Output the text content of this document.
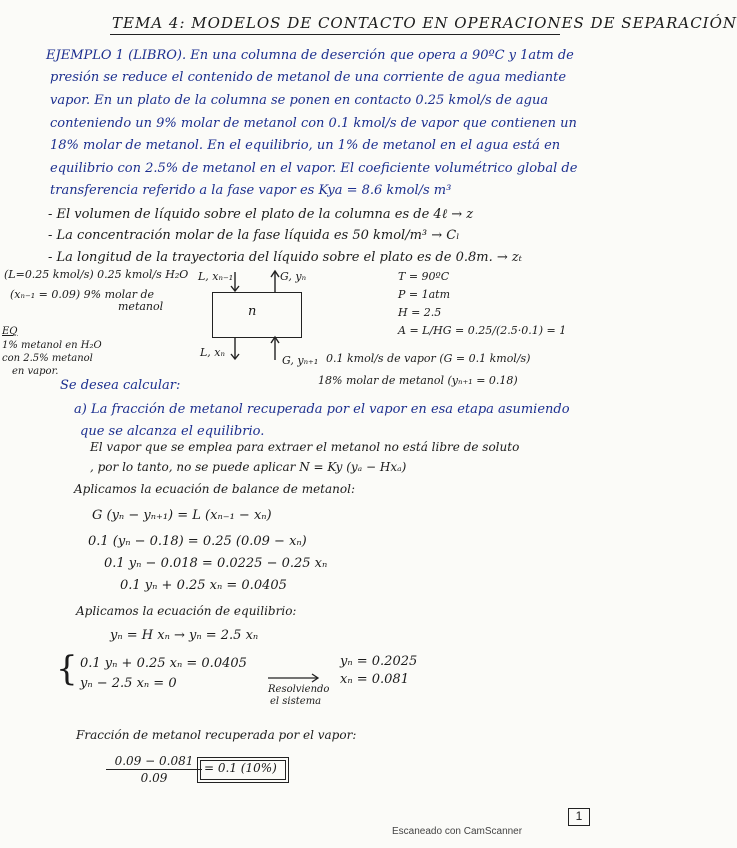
TEMA 4: MODELOS DE CONTACTO EN OPERACIONES DE SEPARACIÓN
EJEMPLO 1 (LIBRO). En una columna de deserción que opera a 90ºC y 1atm de
presión se reduce el contenido de metanol de una corriente de agua mediante
vapor. En un plato de la columna se ponen en contacto 0.25 kmol/s de agua
conteniendo un 9% molar de metanol con 0.1 kmol/s de vapor que contienen un
18% molar de metanol. En el equilibrio, un 1% de metanol en el agua está en
equilibrio con 2.5% de metanol en el vapor. El coeficiente volumétrico global de
transferencia referido a la fase vapor es Kya = 8.6 kmol/s m³
- El volumen de líquido sobre el plato de la columna es de 4ℓ → z
- La concentración molar de la fase líquida es 50 kmol/m³ → Cₗ
- La longitud de la trayectoria del líquido sobre el plato es de 0.8m. → zₜ
(L=0.25 kmol/s) 0.25 kmol/s H₂O
(xₙ₋₁ = 0.09) 9% molar de
metanol
L, xₙ₋₁	G, yₙ
n
L, xₙ
G, yₙ₊₁
EQ
1% metanol en H₂O
con 2.5% metanol
en vapor.
0.1 kmol/s de vapor (G = 0.1 kmol/s)
18% molar de metanol (yₙ₊₁ = 0.18)
T = 90ºC
P = 1atm
H = 2.5
A = L/HG = 0.25/(2.5·0.1) = 1
Se desea calcular:
a) La fracción de metanol recuperada por el vapor en esa etapa asumiendo
que se alcanza el equilibrio.
El vapor que se emplea para extraer el metanol no está libre de soluto
, por lo tanto, no se puede aplicar N = Ky (yₐ − Hxₐ)
Aplicamos la ecuación de balance de metanol:
G (yₙ − yₙ₊₁) = L (xₙ₋₁ − xₙ)
0.1 (yₙ − 0.18) = 0.25 (0.09 − xₙ)
0.1 yₙ − 0.018 = 0.0225 − 0.25 xₙ
0.1 yₙ + 0.25 xₙ = 0.0405
Aplicamos la ecuación de equilibrio:
yₙ = H xₙ → yₙ = 2.5 xₙ
{ 0.1 yₙ + 0.25 xₙ = 0.0405
yₙ − 2.5 xₙ = 0	Resolviendo
el sistema
yₙ = 0.2025
xₙ = 0.081
Fracción de metanol recuperada por el vapor:
0.09 − 0.081
0.09
= 0.1 (10%)
Escaneado con CamScanner
1
